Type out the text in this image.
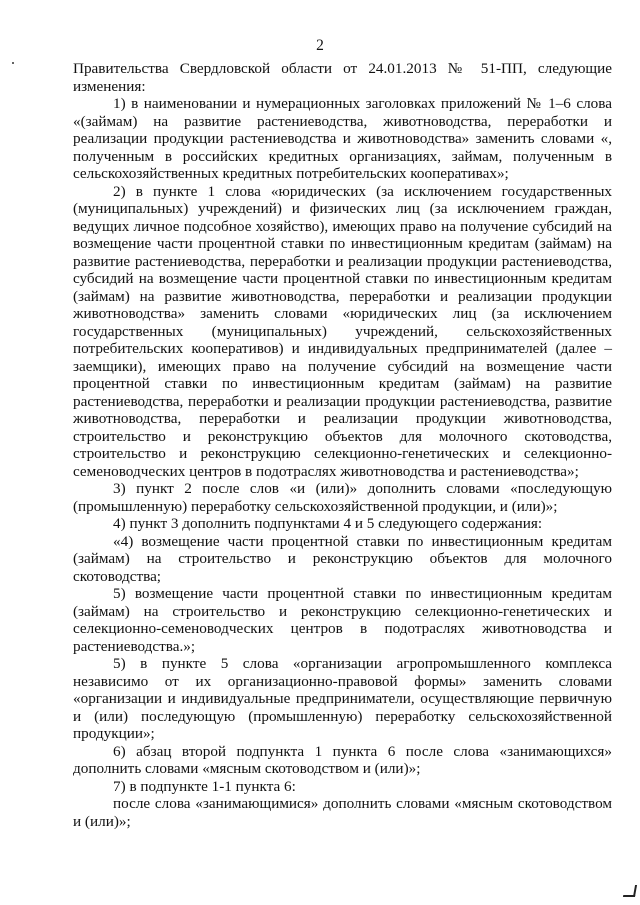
2

Правительства Свердловской области от 24.01.2013 № 51-ПП, следующие изменения:

1) в наименовании и нумерационных заголовках приложений № 1–6 слова «(займам) на развитие растениеводства, животноводства, переработки и реализации продукции растениеводства и животноводства» заменить словами «, полученным в российских кредитных организациях, займам, полученным в сельскохозяйственных кредитных потребительских кооперативах»;

2) в пункте 1 слова «юридических (за исключением государственных (муниципальных) учреждений) и физических лиц (за исключением граждан, ведущих личное подсобное хозяйство), имеющих право на получение субсидий на возмещение части процентной ставки по инвестиционным кредитам (займам) на развитие растениеводства, переработки и реализации продукции растениеводства, субсидий на возмещение части процентной ставки по инвестиционным кредитам (займам) на развитие животноводства, переработки и реализации продукции животноводства» заменить словами «юридических лиц (за исключением государственных (муниципальных) учреждений, сельскохозяйственных потребительских кооперативов) и индивидуальных предпринимателей (далее – заемщики), имеющих право на получение субсидий на возмещение части процентной ставки по инвестиционным кредитам (займам) на развитие растениеводства, переработки и реализации продукции растениеводства, развитие животноводства, переработки и реализации продукции животноводства, строительство и реконструкцию объектов для молочного скотоводства, строительство и реконструкцию селекционно-генетических и селекционно-семеноводческих центров в подотраслях животноводства и растениеводства»;

3) пункт 2 после слов «и (или)» дополнить словами «последующую (промышленную) переработку сельскохозяйственной продукции, и (или)»;

4) пункт 3 дополнить подпунктами 4 и 5 следующего содержания:

«4) возмещение части процентной ставки по инвестиционным кредитам (займам) на строительство и реконструкцию объектов для молочного скотоводства;

5) возмещение части процентной ставки по инвестиционным кредитам (займам) на строительство и реконструкцию селекционно-генетических и селекционно-семеноводческих центров в подотраслях животноводства и растениеводства.»;

5) в пункте 5 слова «организации агропромышленного комплекса независимо от их организационно-правовой формы» заменить словами «организации и индивидуальные предприниматели, осуществляющие первичную и (или) последующую (промышленную) переработку сельскохозяйственной продукции»;

6) абзац второй подпункта 1 пункта 6 после слова «занимающихся» дополнить словами «мясным скотоводством и (или)»;

7) в подпункте 1-1 пункта 6:

после слова «занимающимися» дополнить словами «мясным скотоводством и (или)»;
